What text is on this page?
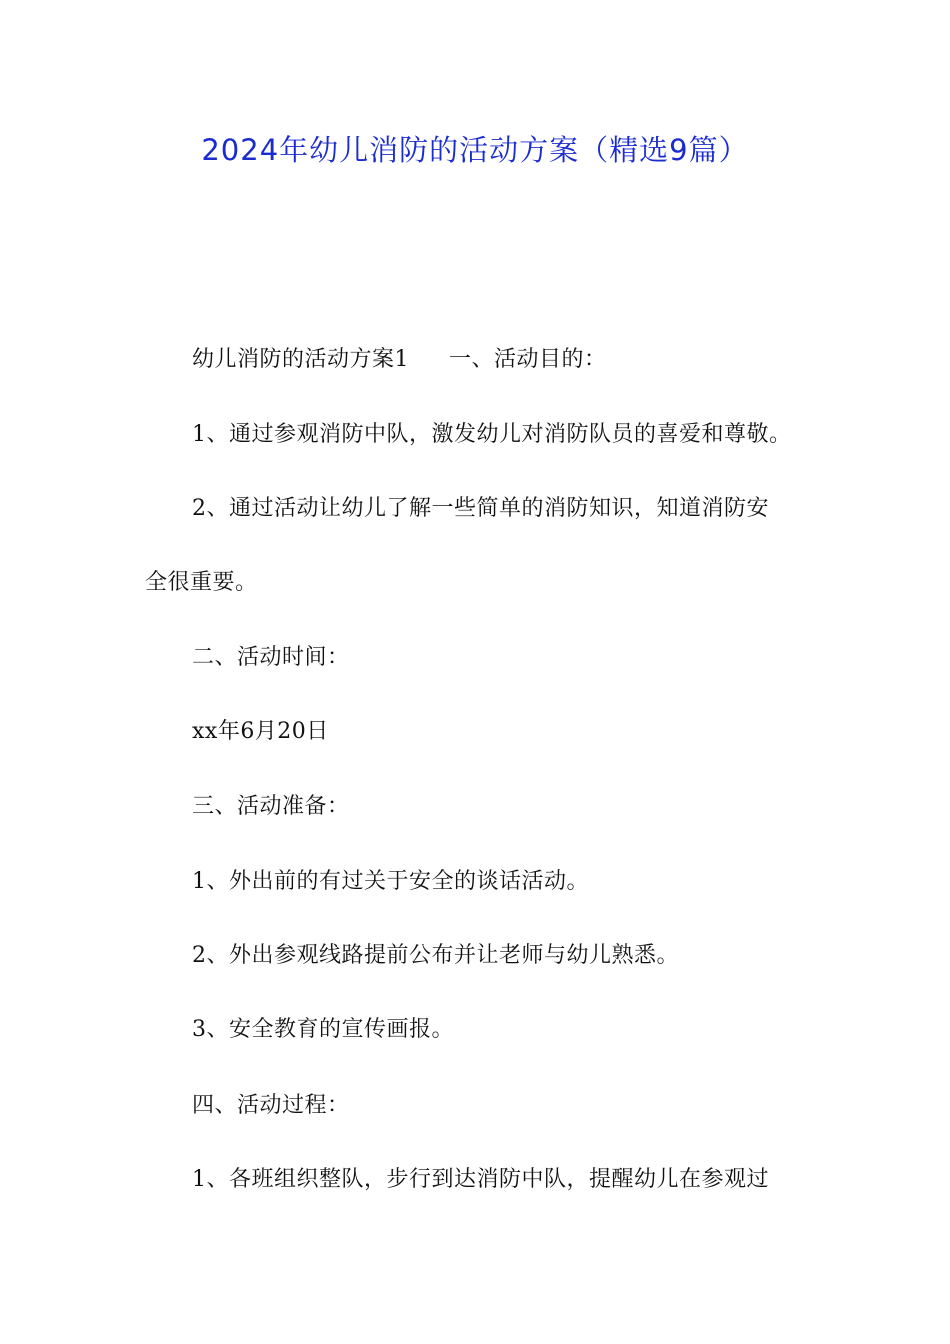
2024年幼儿消防的活动方案（精选9篇）
幼儿消防的活动方案1 一、活动目的：
1、通过参观消防中队，激发幼儿对消防队员的喜爱和尊敬。
2、通过活动让幼儿了解一些简单的消防知识，知道消防安
全很重要。
二、活动时间：
xx年6月20日
三、活动准备：
1、外出前的有过关于安全的谈话活动。
2、外出参观线路提前公布并让老师与幼儿熟悉。
3、安全教育的宣传画报。
四、活动过程：
1、各班组织整队，步行到达消防中队，提醒幼儿在参观过
